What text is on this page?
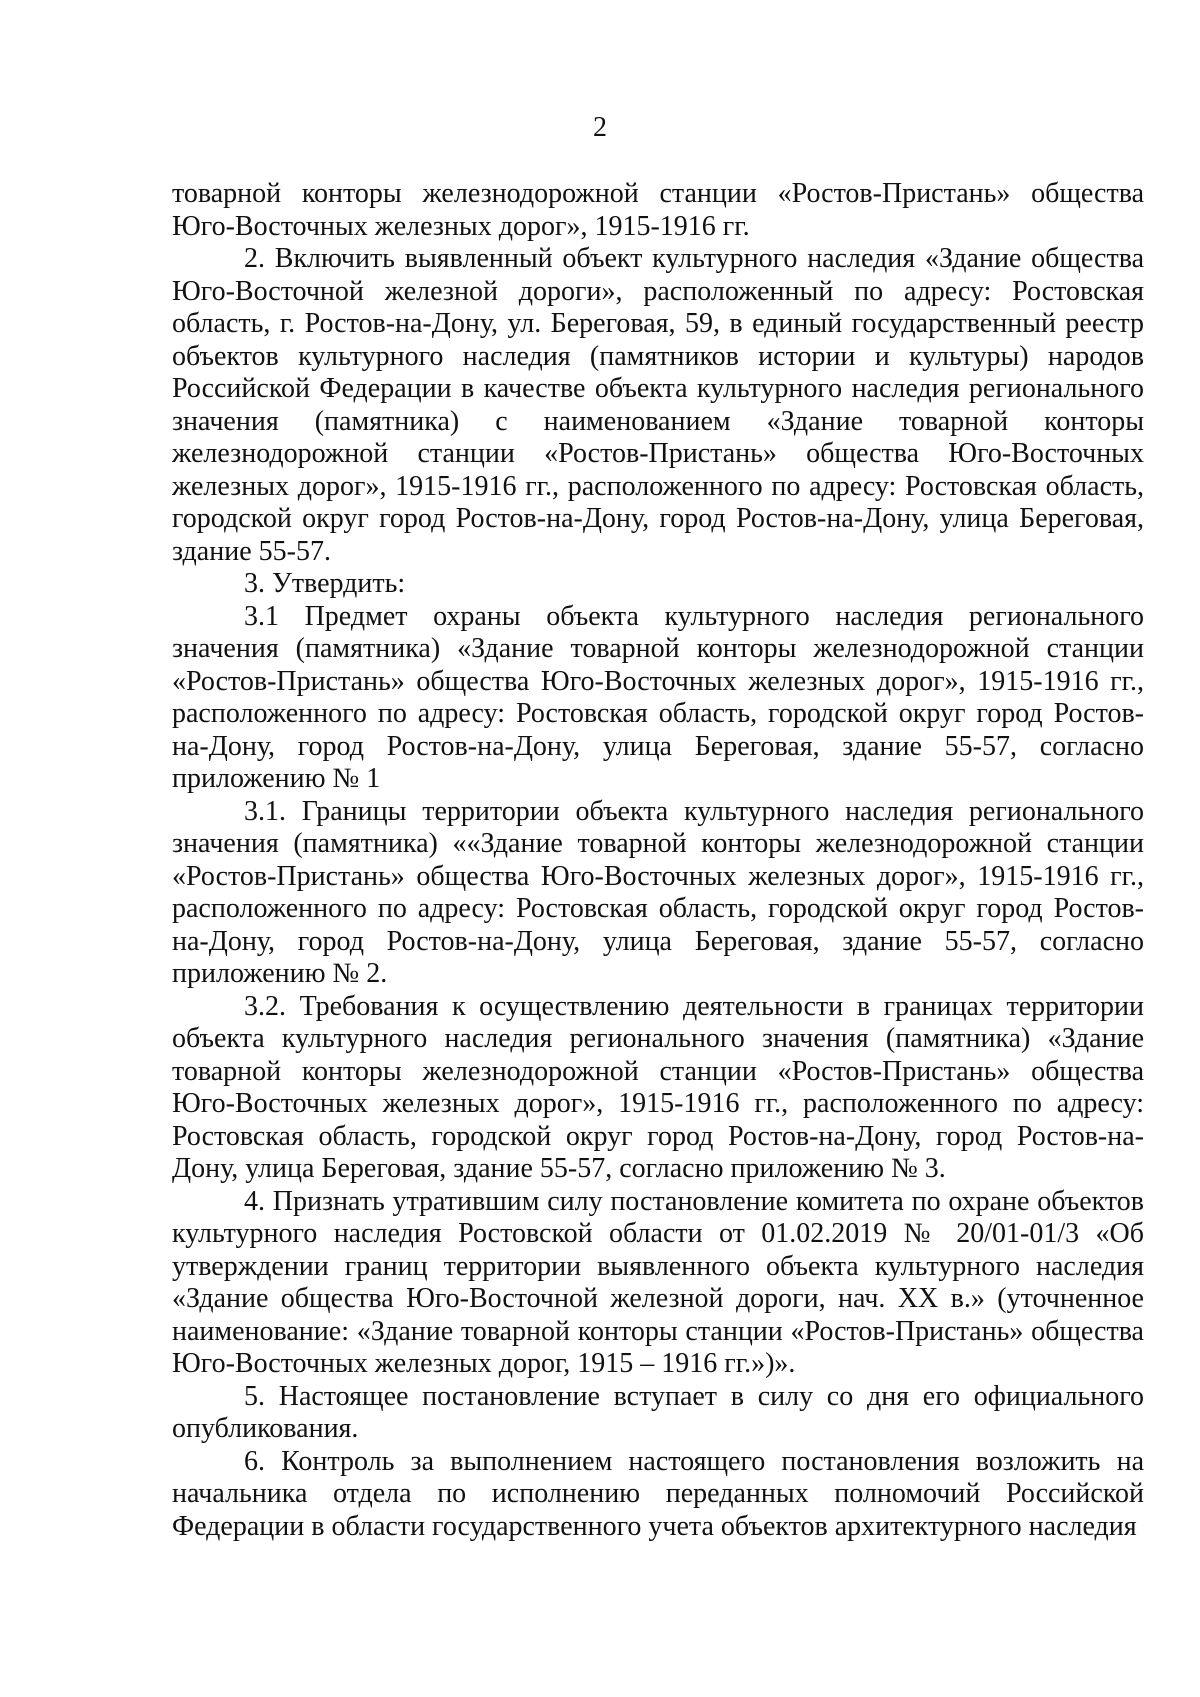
2

товарной конторы железнодорожной станции «Ростов-Пристань» общества Юго-Восточных железных дорог», 1915-1916 гг.

2. Включить выявленный объект культурного наследия «Здание общества Юго-Восточной железной дороги», расположенный по адресу: Ростовская область, г. Ростов-на-Дону, ул. Береговая, 59, в единый государственный реестр объектов культурного наследия (памятников истории и культуры) народов Российской Федерации в качестве объекта культурного наследия регионального значения (памятника) с наименованием «Здание товарной конторы железнодорожной станции «Ростов-Пристань» общества Юго-Восточных железных дорог», 1915-1916 гг., расположенного по адресу: Ростовская область, городской округ город Ростов-на-Дону, город Ростов-на-Дону, улица Береговая, здание 55-57.

3. Утвердить:

3.1 Предмет охраны объекта культурного наследия регионального значения (памятника) «Здание товарной конторы железнодорожной станции «Ростов-Пристань» общества Юго-Восточных железных дорог», 1915-1916 гг., расположенного по адресу: Ростовская область, городской округ город Ростов-на-Дону, город Ростов-на-Дону, улица Береговая, здание 55-57, согласно приложению № 1

3.1. Границы территории объекта культурного наследия регионального значения (памятника) ««Здание товарной конторы железнодорожной станции «Ростов-Пристань» общества Юго-Восточных железных дорог», 1915-1916 гг., расположенного по адресу: Ростовская область, городской округ город Ростов-на-Дону, город Ростов-на-Дону, улица Береговая, здание 55-57, согласно приложению № 2.

3.2. Требования к осуществлению деятельности в границах территории объекта культурного наследия регионального значения (памятника) «Здание товарной конторы железнодорожной станции «Ростов-Пристань» общества Юго-Восточных железных дорог», 1915-1916 гг., расположенного по адресу: Ростовская область, городской округ город Ростов-на-Дону, город Ростов-на-Дону, улица Береговая, здание 55-57, согласно приложению № 3.

4. Признать утратившим силу постановление комитета по охране объектов культурного наследия Ростовской области от 01.02.2019 № 20/01-01/3 «Об утверждении границ территории выявленного объекта культурного наследия «Здание общества Юго-Восточной железной дороги, нач. XX в.» (уточненное наименование: «Здание товарной конторы станции «Ростов-Пристань» общества Юго-Восточных железных дорог, 1915 – 1916 гг.»)».

5. Настоящее постановление вступает в силу со дня его официального опубликования.

6. Контроль за выполнением настоящего постановления возложить на начальника отдела по исполнению переданных полномочий Российской Федерации в области государственного учета объектов архитектурного наследия
